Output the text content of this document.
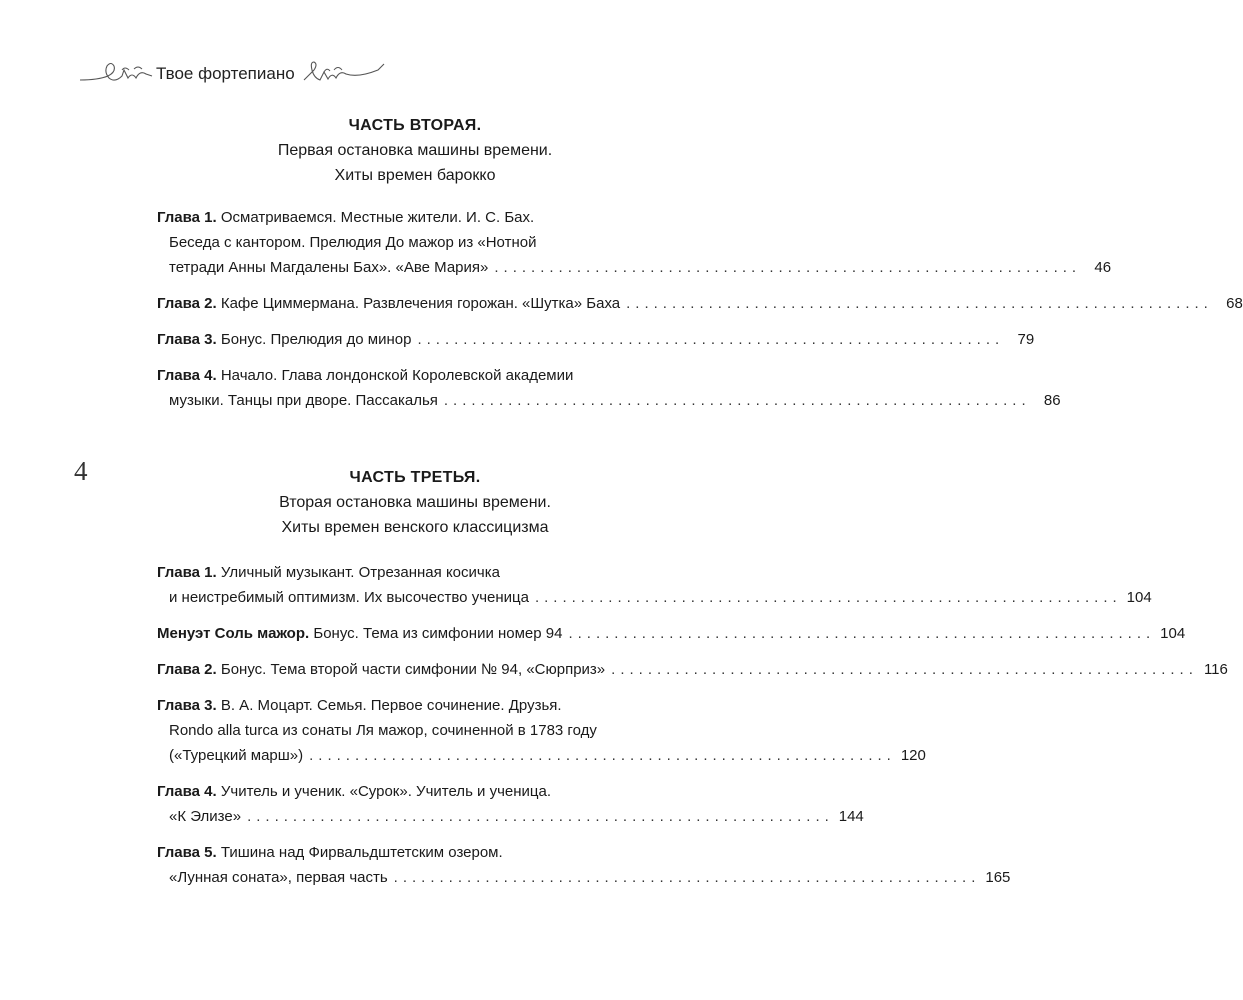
Твое фортепиано
4
ЧАСТЬ ВТОРАЯ.
Первая остановка машины времени.
Хиты времен барокко
Глава 1. Осматриваемся. Местные жители. И. С. Бах.
Беседа с кантором. Прелюдия До мажор из «Нотной
тетради Анны Магдалены Бах». «Аве Мария» ................................................................ 46
Глава 2. Кафе Циммермана. Развлечения горожан. «Шутка» Баха ................................................................ 68
Глава 3. Бонус. Прелюдия до минор ................................................................ 79
Глава 4. Начало. Глава лондонской Королевской академии
музыки. Танцы при дворе. Пассакалья ................................................................ 86
ЧАСТЬ ТРЕТЬЯ.
Вторая остановка машины времени.
Хиты времен венского классицизма
Глава 1. Уличный музыкант. Отрезанная косичка
и неистребимый оптимизм. Их высочество ученица ................................................................ 104
Менуэт Соль мажор. Бонус. Тема из симфонии номер 94 ................................................................ 104
Глава 2. Бонус. Тема второй части симфонии № 94, «Сюрприз» ................................................................ 116
Глава 3. В. А. Моцарт. Семья. Первое сочинение. Друзья.
Rondo alla turca из сонаты Ля мажор, сочиненной в 1783 году
(«Турецкий марш») ................................................................ 120
Глава 4. Учитель и ученик. «Сурок». Учитель и ученица.
«К Элизе» ................................................................ 144
Глава 5. Тишина над Фирвальдштетским озером.
«Лунная соната», первая часть ................................................................ 165
